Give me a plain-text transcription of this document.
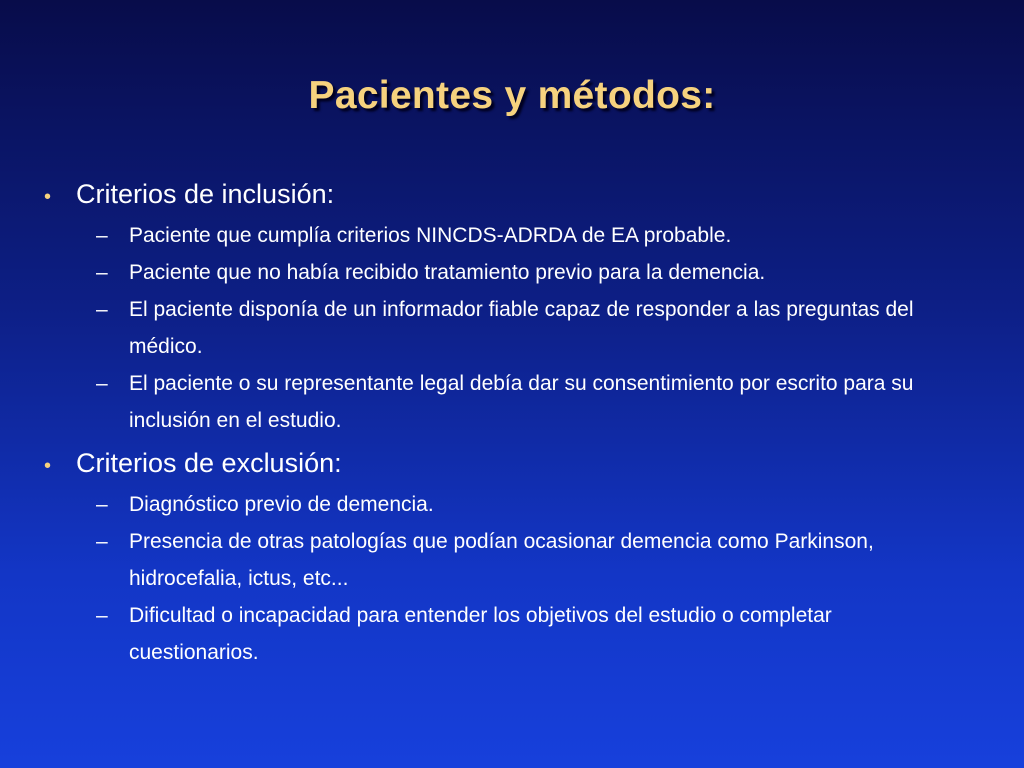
Pacientes y métodos:
• Criterios de inclusión:
–	Paciente que cumplía criterios NINCDS-ADRDA de EA probable.
–	Paciente que no había recibido tratamiento previo para la demencia.
–	El paciente disponía de un informador fiable capaz de responder a las preguntas del médico.
–	El paciente o su representante legal debía dar su consentimiento por escrito para su inclusión en el estudio.
• Criterios de exclusión:
–	Diagnóstico previo de demencia.
–	Presencia de otras patologías que podían ocasionar demencia como Parkinson, hidrocefalia, ictus, etc...
–	Dificultad o incapacidad para entender los objetivos del estudio o completar cuestionarios.
